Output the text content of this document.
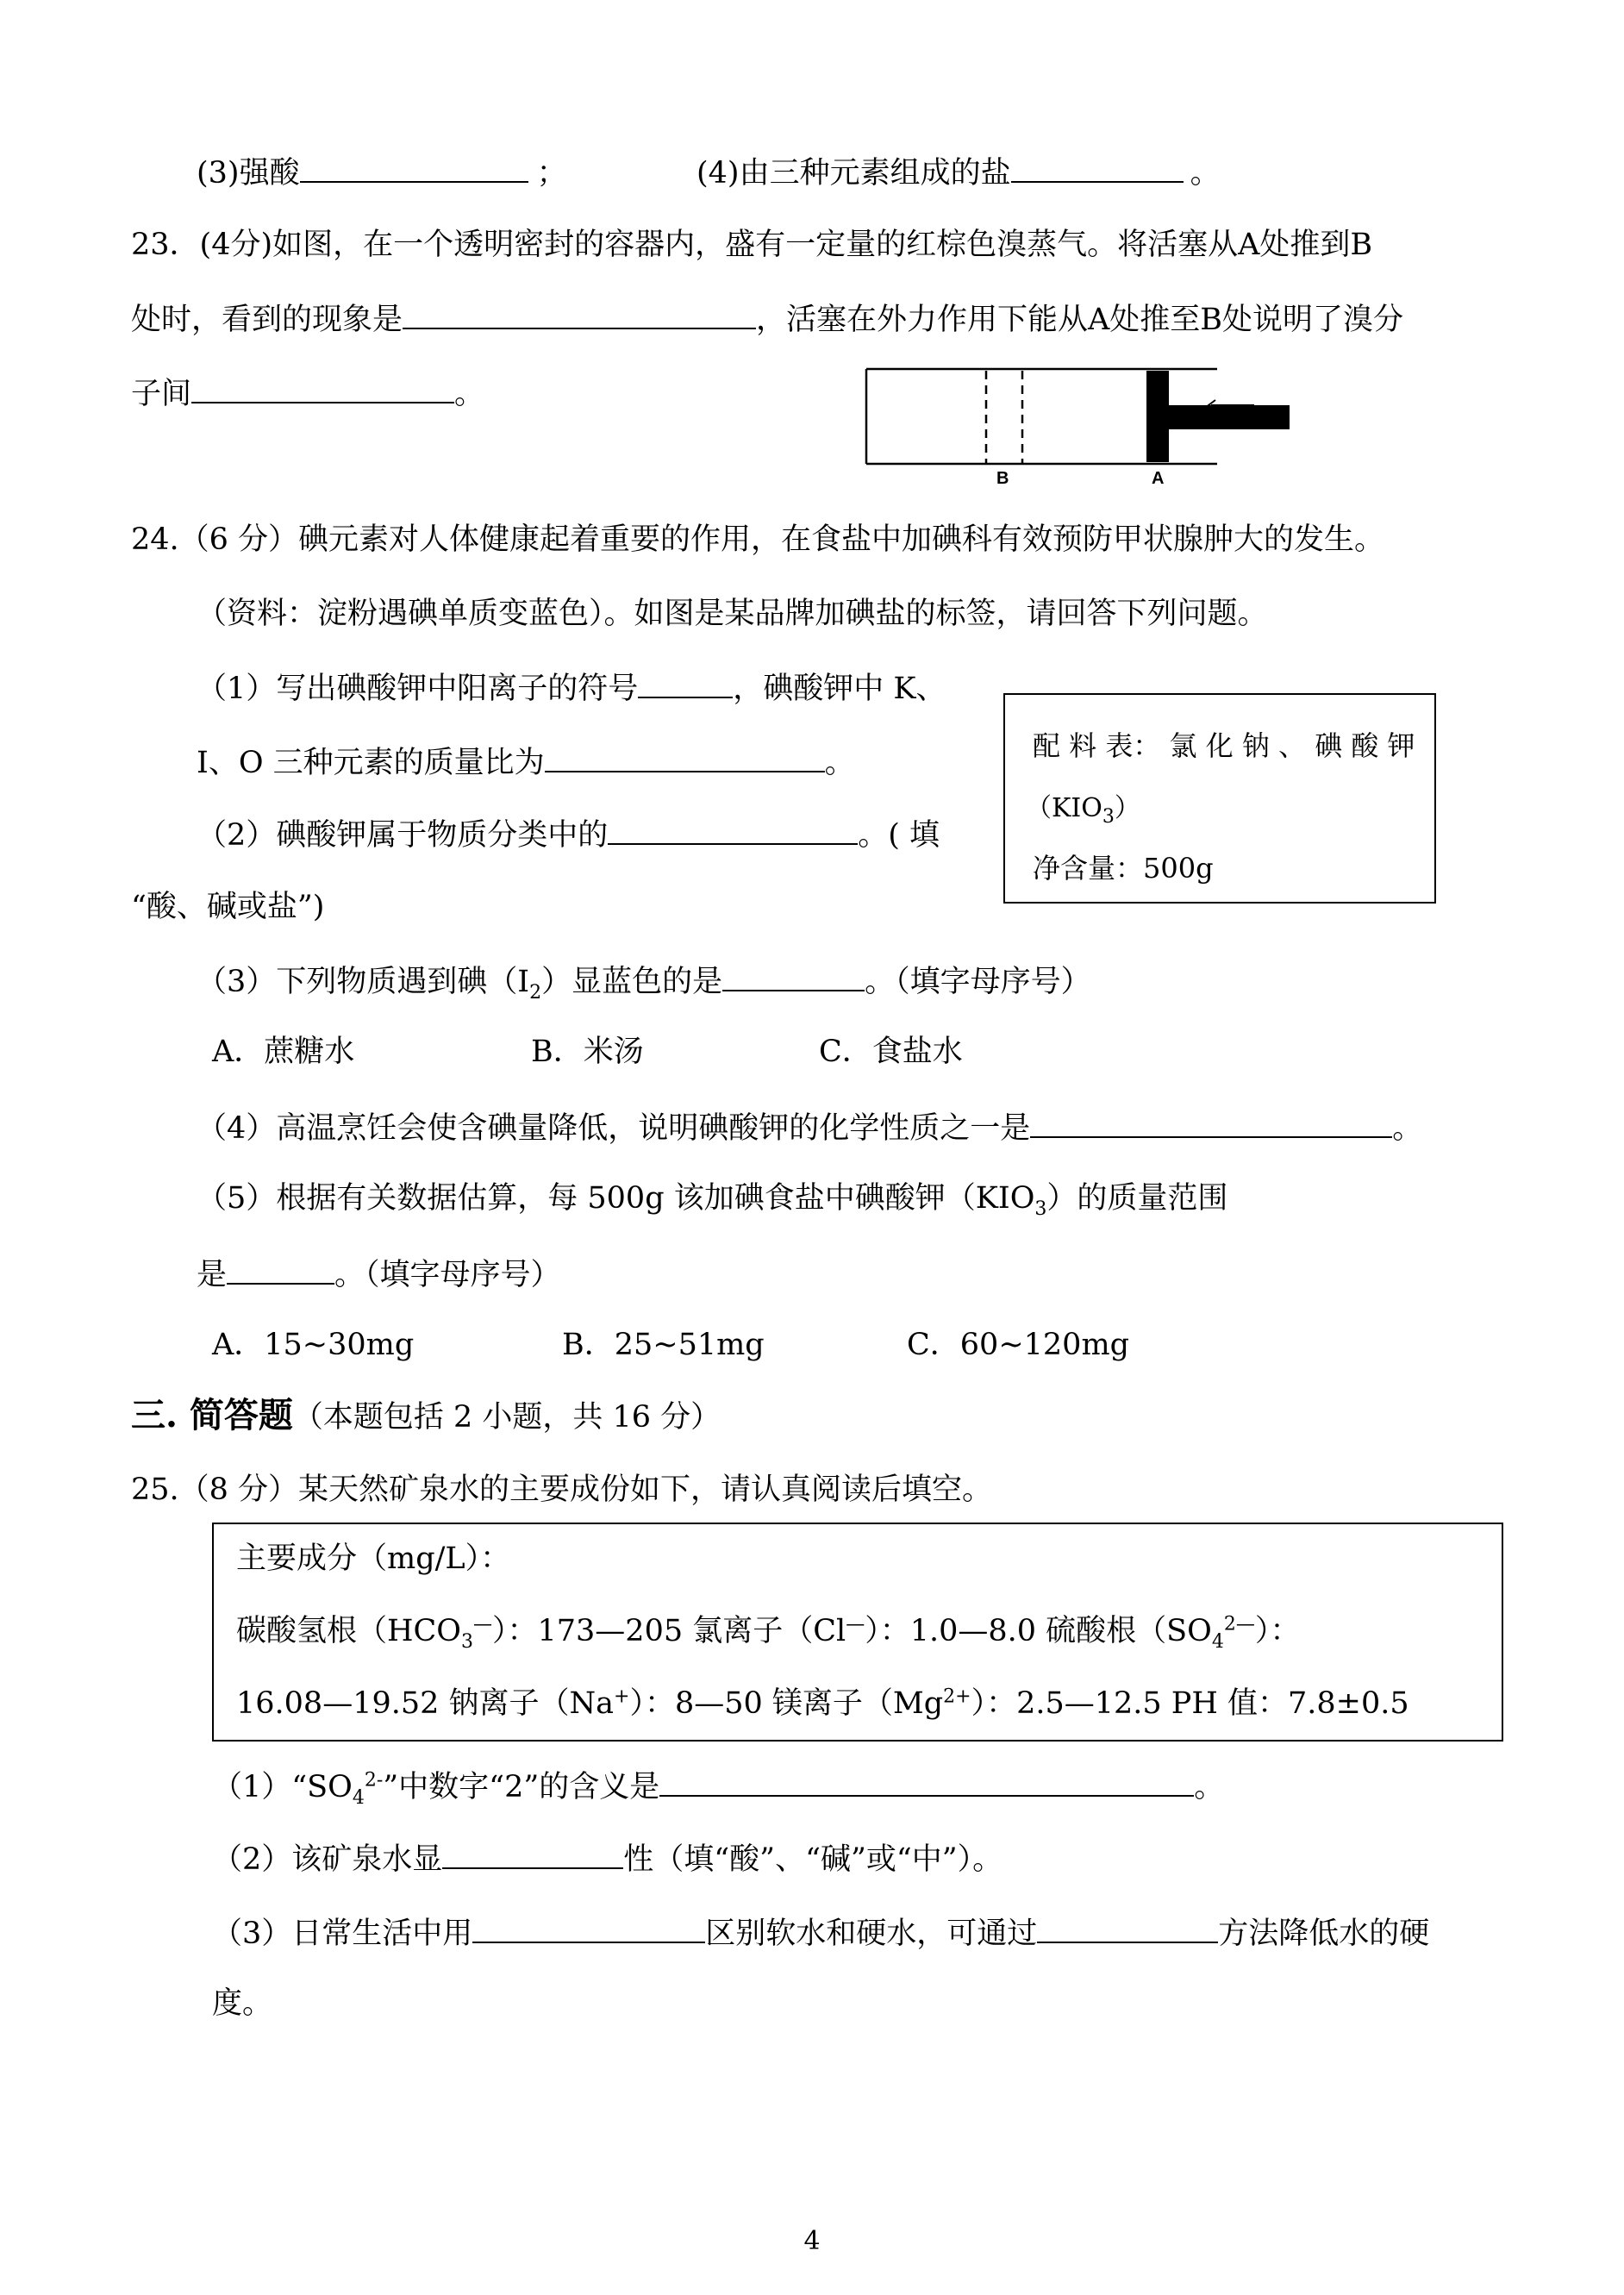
(3)强酸	；	(4)由三种元素组成的盐	。
23．(4分)如图，在一个透明密封的容器内，盛有一定量的红棕色溴蒸气。将活塞从A处推到B
处时，看到的现象是	，活塞在外力作用下能从A处推至B处说明了溴分
子间	。
B	A
24.（6 分）碘元素对人体健康起着重要的作用，在食盐中加碘科有效预防甲状腺肿大的发生。
（资料：淀粉遇碘单质变蓝色）。如图是某品牌加碘盐的标签，请回答下列问题。
（1）写出碘酸钾中阳离子的符号	，碘酸钾中 K、
I、O 三种元素的质量比为	。
（2）碘酸钾属于物质分类中的	。( 填
“酸、碱或盐”)
配 料 表： 氯 化 钠 、 碘 酸 钾
$(KIO_3)$
净含量：500g
（3）下列物质遇到碘$(I_2)$显蓝色的是	。（填字母序号）
A．蔗糖水	B．米汤	C．食盐水
（4）高温烹饪会使含碘量降低，说明碘酸钾的化学性质之一是	。
（5）根据有关数据估算，每 500g 该加碘食盐中碘酸钾$(KIO_3)$的质量范围
是	。（填字母序号）
A．15~30mg	B．25~51mg	C．60~120mg
三. 简答题（本题包括 2 小题，共 16 分）
25.（8 分）某天然矿泉水的主要成份如下，请认真阅读后填空。
主要成分（mg/L）：
碳酸氢根$(HCO_3^—)$：173—205 氯离子（Cl—）：1.0—8.0 硫酸根$(SO_4^{2—})$：
16.08—19.52 钠离子（Na+）：8—50 镁离子$(Mg^{2+})$：2.5—12.5 PH 值：7.8±0.5
$(1)“SO_4^{2-}$”中数字“2”的含义是	。
（2）该矿泉水显	性（填“酸”、“碱”或“中”）。
（3）日常生活中用	区别软水和硬水，可通过	方法降低水的硬
度。
4
